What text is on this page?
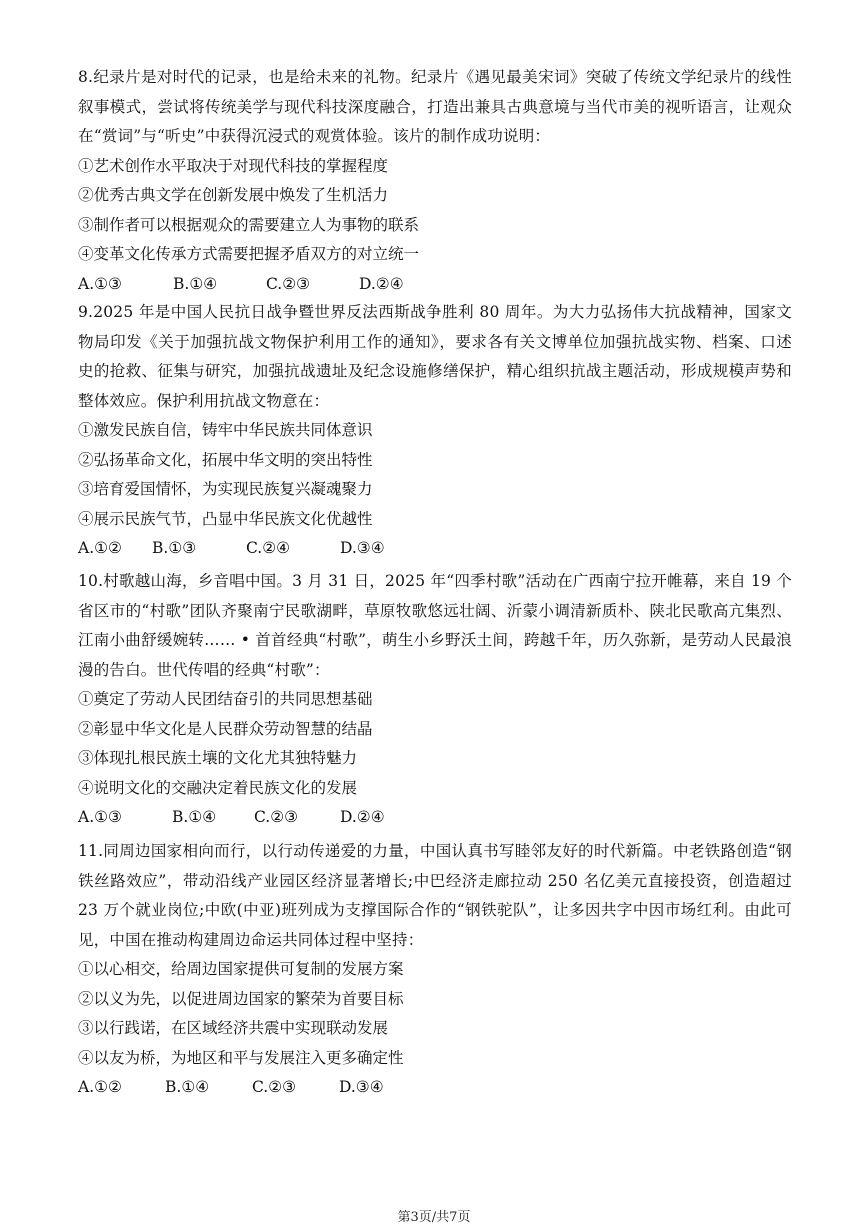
8.纪录片是对时代的记录，也是给未来的礼物。纪录片《遇见最美宋词》突破了传统文学纪录片的线性叙事模式，尝试将传统美学与现代科技深度融合，打造出兼具古典意境与当代市美的视听语言，让观众在“赏词”与“听史”中获得沉浸式的观赏体验。该片的制作成功说明：

①艺术创作水平取决于对现代科技的掌握程度

②优秀古典文学在创新发展中焕发了生机活力

③制作者可以根据观众的需要建立人为事物的联系

④变革文化传承方式需要把握矛盾双方的对立统一

A.①③	B.①④	C.②③	D.②④

9.2025 年是中国人民抗日战争暨世界反法西斯战争胜利 80 周年。为大力弘扬伟大抗战精神，国家文物局印发《关于加强抗战文物保护利用工作的通知》，要求各有关文博单位加强抗战实物、档案、口述史的抢救、征集与研究，加强抗战遗址及纪念设施修缮保护，精心组织抗战主题活动，形成规模声势和整体效应。保护利用抗战文物意在：

①激发民族自信，铸牢中华民族共同体意识

②弘扬革命文化，拓展中华文明的突出特性

③培育爱国情怀，为实现民族复兴凝魂聚力

④展示民族气节，凸显中华民族文化优越性

A.①②	B.①③	C.②④	D.③④

10.村歌越山海，乡音唱中国。3 月 31 日，2025 年“四季村歌”活动在广西南宁拉开帷幕，来自 19 个省区市的“村歌”团队齐聚南宁民歌湖畔，草原牧歌悠远壮阔、沂蒙小调清新质朴、陕北民歌高亢集烈、江南小曲舒缓婉转…… • 首首经典“村歌”，萌生小乡野沃土间，跨越千年，历久弥新，是劳动人民最浪漫的告白。世代传唱的经典“村歌”：

①奠定了劳动人民团结奋引的共同思想基础

②彰显中华文化是人民群众劳动智慧的结晶

③体现扎根民族土壤的文化尤其独特魅力

④说明文化的交融决定着民族文化的发展

A.①③	B.①④	C.②③	D.②④

11.同周边国家相向而行，以行动传递爱的力量，中国认真书写睦邻友好的时代新篇。中老铁路创造“钢铁丝路效应”，带动沿线产业园区经济显著增长;中巴经济走廊拉动 250 名亿美元直接投资，创造超过 23 万个就业岗位;中欧(中亚)班列成为支撑国际合作的“钢铁驼队”，让多因共字中因市场红利。由此可见，中国在推动构建周边命运共同体过程中坚持：

①以心相交，给周边国家提供可复制的发展方案

②以义为先，以促进周边国家的繁荣为首要目标

③以行践诺，在区域经济共震中实现联动发展

④以友为桥，为地区和平与发展注入更多确定性

A.①②	B.①④	C.②③	D.③④
第3页/共7页
